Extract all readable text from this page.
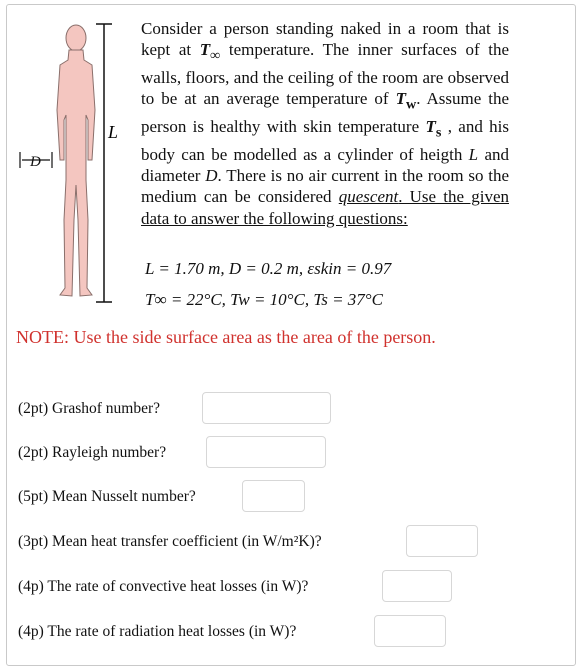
L
D
Consider a person standing naked in a room that is kept at $T_\infty$ temperature. The inner surfaces of the walls, floors, and the ceiling of the room are observed to be at an average temperature of $T_w$. Assume the person is healthy with skin temperature $T_s$ , and his body can be modelled as a cylinder of heigth L and diameter D. There is no air current in the room so the medium can be considered quescent. Use the given data to answer the following questions:
L = 1.70 m, D = 0.2 m, εskin = 0.97
T∞ = 22°C, Tw = 10°C, Ts = 37°C
NOTE: Use the side surface area as the area of the person.
(2pt) Grashof number?
(2pt) Rayleigh number?
(5pt) Mean Nusselt number?
(3pt) Mean heat transfer coefficient (in W/m²K)?
(4p) The rate of convective heat losses (in W)?
(4p) The rate of radiation heat losses (in W)?
